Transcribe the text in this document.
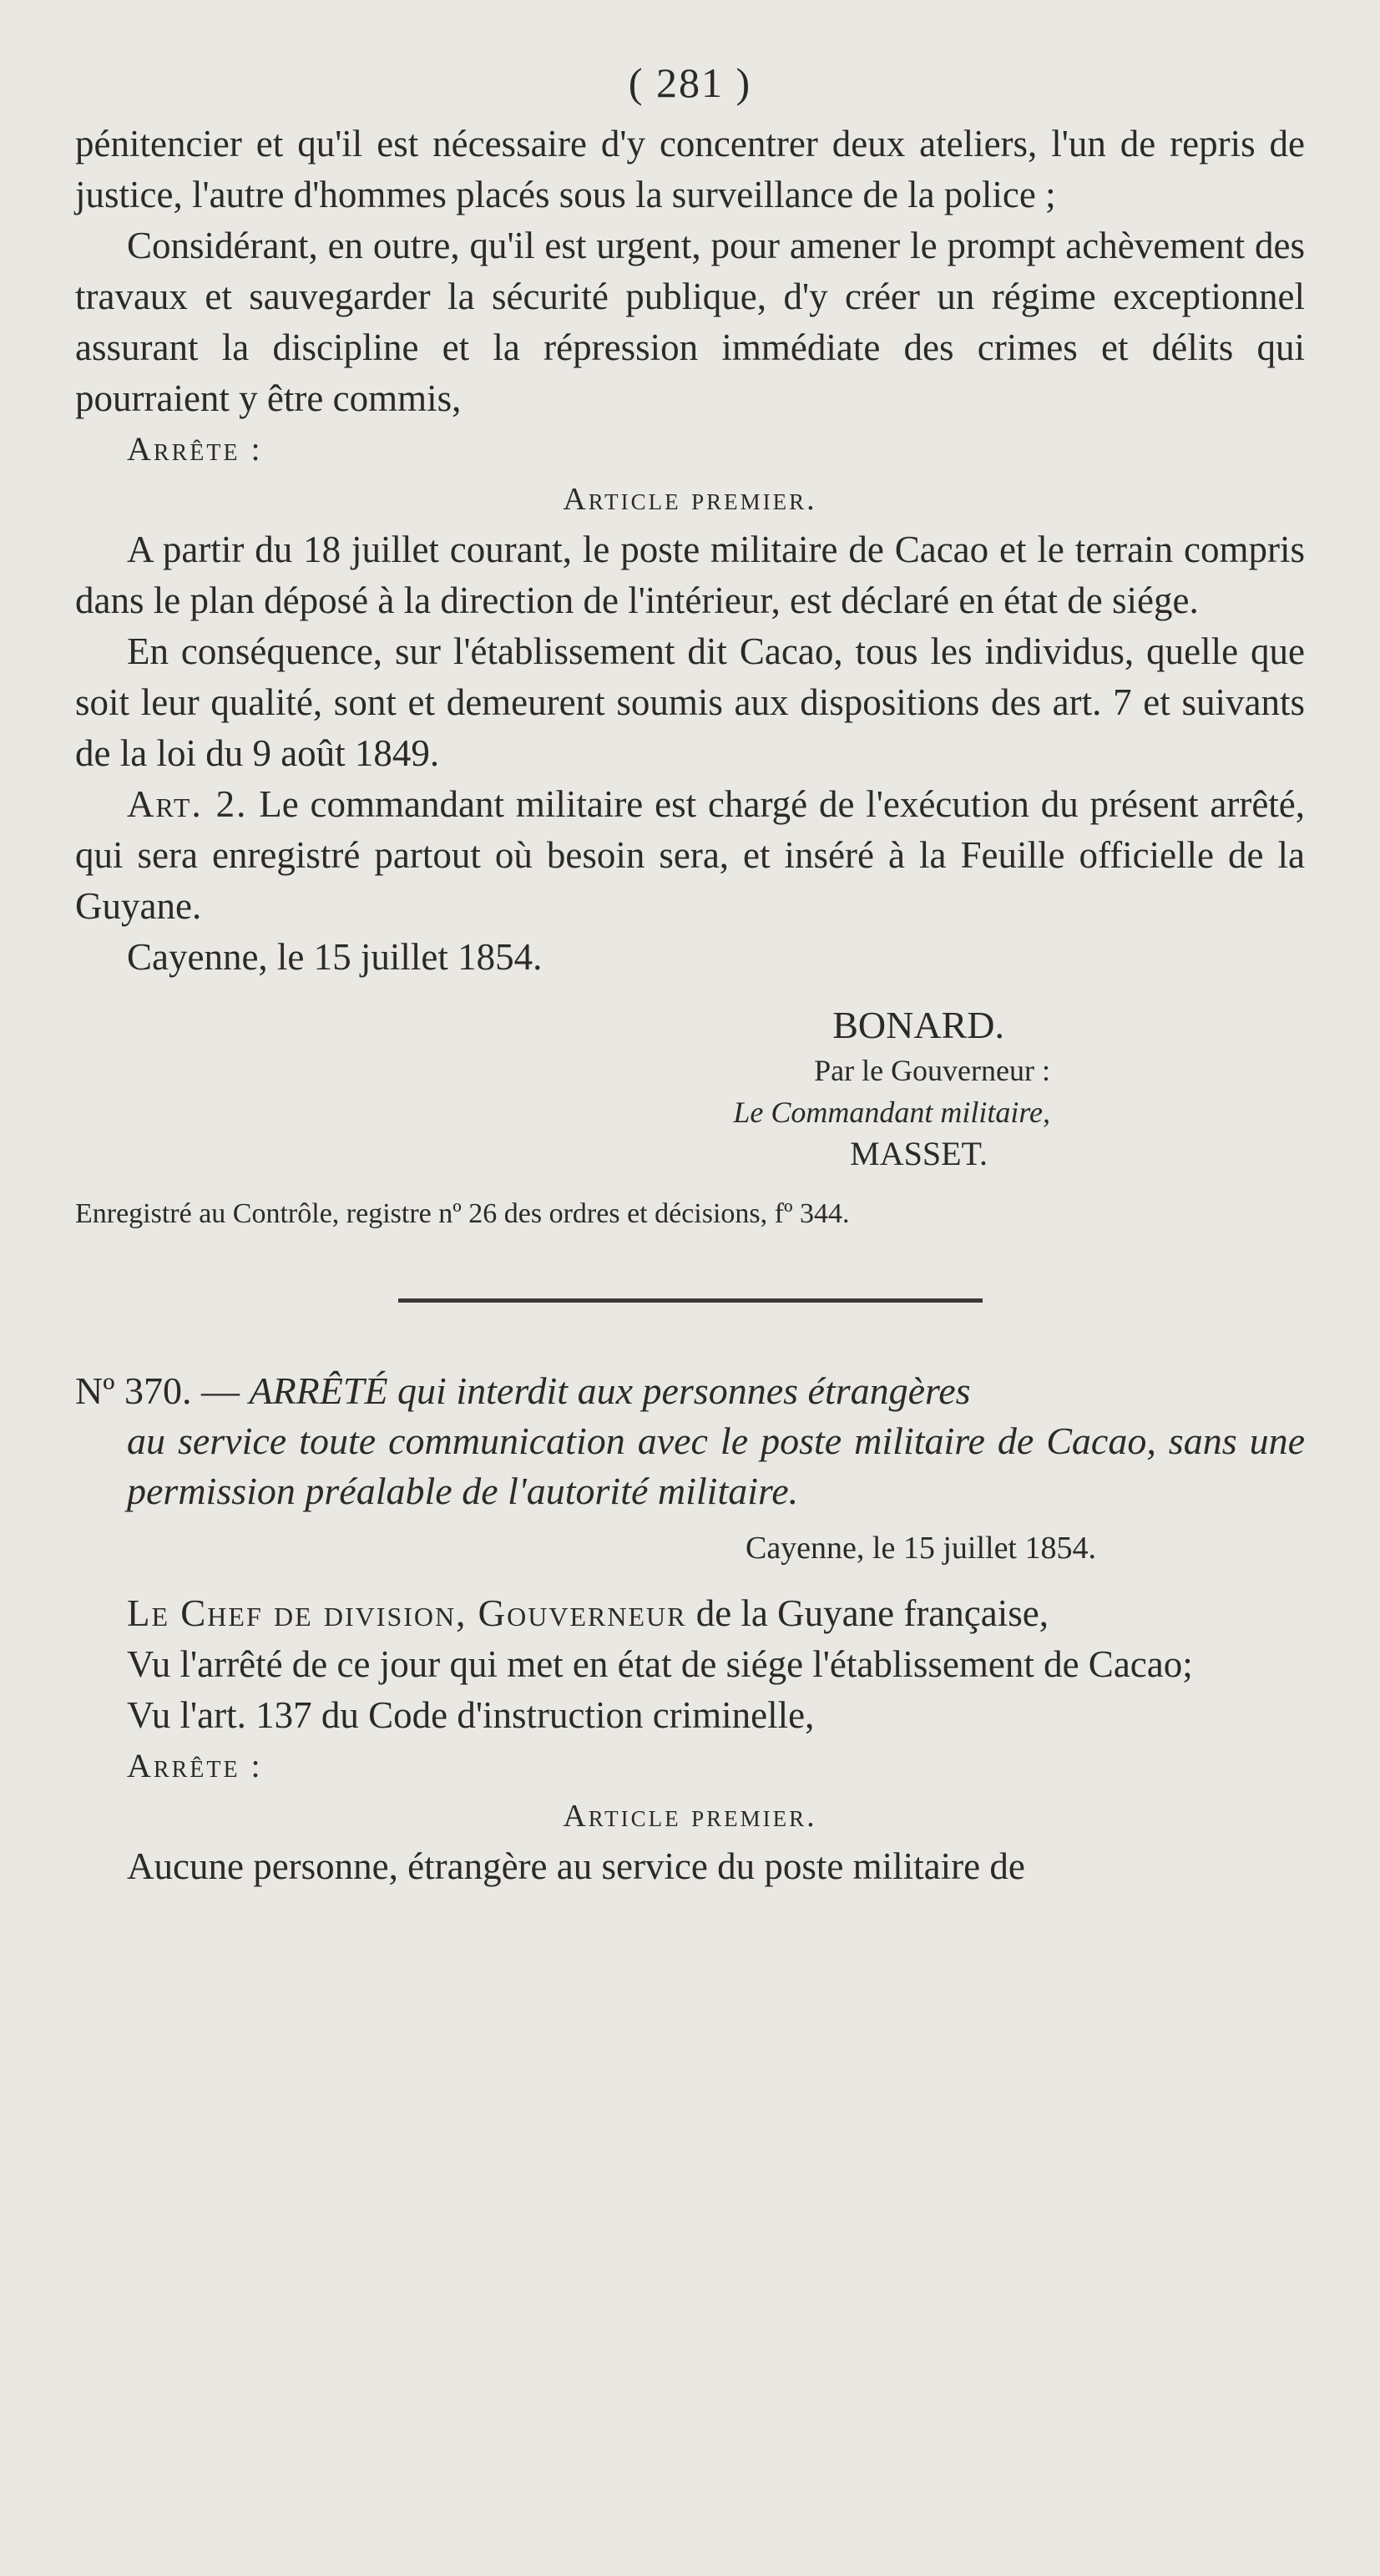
( 281 )

pénitencier et qu'il est nécessaire d'y concentrer deux ateliers, l'un de repris de justice, l'autre d'hommes placés sous la surveillance de la police ;

Considérant, en outre, qu'il est urgent, pour amener le prompt achèvement des travaux et sauvegarder la sécurité publique, d'y créer un régime exceptionnel assurant la discipline et la répression immédiate des crimes et délits qui pourraient y être commis,

Arrête :

Article premier.

A partir du 18 juillet courant, le poste militaire de Cacao et le terrain compris dans le plan déposé à la direction de l'intérieur, est déclaré en état de siége.

En conséquence, sur l'établissement dit Cacao, tous les individus, quelle que soit leur qualité, sont et demeurent soumis aux dispositions des art. 7 et suivants de la loi du 9 août 1849.

Art. 2. Le commandant militaire est chargé de l'exécution du présent arrêté, qui sera enregistré partout où besoin sera, et inséré à la Feuille officielle de la Guyane.

Cayenne, le 15 juillet 1854.

BONARD.

Par le Gouverneur :

Le Commandant militaire,

MASSET.

Enregistré au Contrôle, registre nº 26 des ordres et décisions, fº 344.

Nº 370. — ARRÊTÉ qui interdit aux personnes étrangères

au service toute communication avec le poste militaire de Cacao, sans une permission préalable de l'autorité militaire.

Cayenne, le 15 juillet 1854.

Le Chef de division, Gouverneur de la Guyane française,

Vu l'arrêté de ce jour qui met en état de siége l'établissement de Cacao;

Vu l'art. 137 du Code d'instruction criminelle,

Arrête :

Article premier.

Aucune personne, étrangère au service du poste militaire de
